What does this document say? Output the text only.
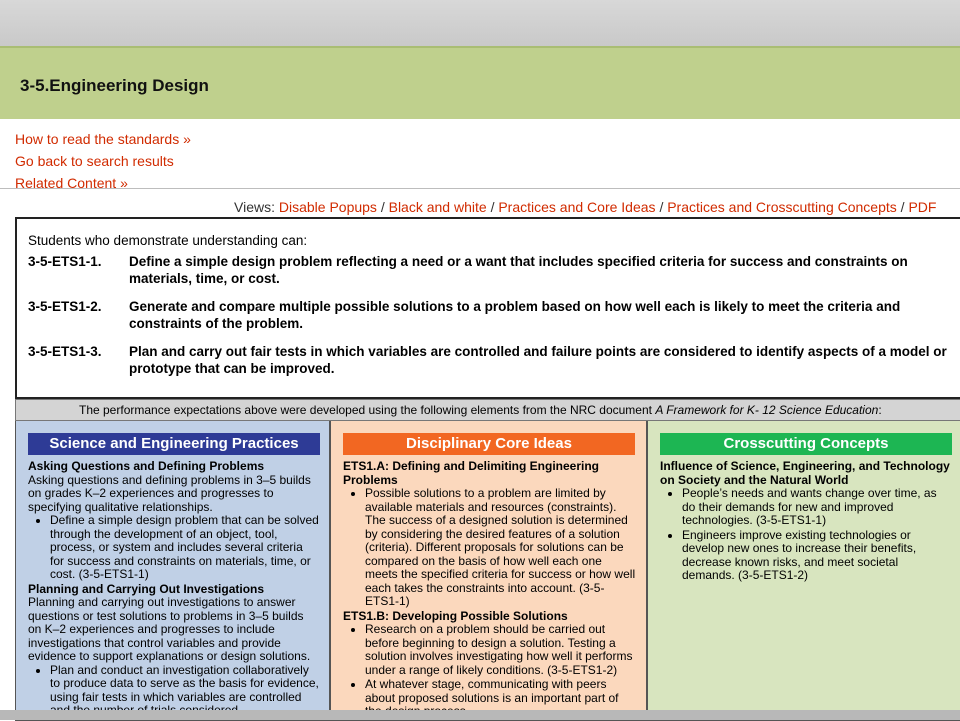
3-5.Engineering Design
How to read the standards »
Go back to search results
Related Content »
Views: Disable Popups / Black and white / Practices and Core Ideas / Practices and Crosscutting Concepts / PDF
Students who demonstrate understanding can:
3-5-ETS1-1.	Define a simple design problem reflecting a need or a want that includes specified criteria for success and constraints on materials, time, or cost.
3-5-ETS1-2.	Generate and compare multiple possible solutions to a problem based on how well each is likely to meet the criteria and constraints of the problem.
3-5-ETS1-3.	Plan and carry out fair tests in which variables are controlled and failure points are considered to identify aspects of a model or prototype that can be improved.
The performance expectations above were developed using the following elements from the NRC document A Framework for K- 12 Science Education:
Science and Engineering Practices
Asking Questions and Defining Problems

Asking questions and defining problems in 3–5 builds on grades K–2 experiences and progresses to specifying qualitative relationships.

• Define a simple design problem that can be solved through the development of an object, tool, process, or system and includes several criteria for success and constraints on materials, time, or cost. (3-5-ETS1-1)
Planning and Carrying Out Investigations

Planning and carrying out investigations to answer questions or test solutions to problems in 3–5 builds on K–2 experiences and progresses to include investigations that control variables and provide evidence to support explanations or design solutions.

• Plan and conduct an investigation collaboratively to produce data to serve as the basis for evidence, using fair tests in which variables are controlled
Disciplinary Core Ideas
ETS1.A: Defining and Delimiting Engineering Problems
• Possible solutions to a problem are limited by available materials and resources (constraints). The success of a designed solution is determined by considering the desired features of a solution (criteria). Different proposals for solutions can be compared on the basis of how well each one meets the specified criteria for success or how well each takes the constraints into account. (3-5-ETS1-1)
ETS1.B: Developing Possible Solutions
• Research on a problem should be carried out before beginning to design a solution. Testing a solution involves investigating how well it performs under a range of likely conditions. (3-5-ETS1-2)
• At whatever stage, communicating with peers about proposed solutions is an important part of
Crosscutting Concepts
Influence of Science, Engineering, and Technology on Society and the Natural World
• People’s needs and wants change over time, as do their demands for new and improved technologies. (3-5-ETS1-1)
• Engineers improve existing technologies or develop new ones to increase their benefits, decrease known risks, and meet societal demands. (3-5-ETS1-2)
